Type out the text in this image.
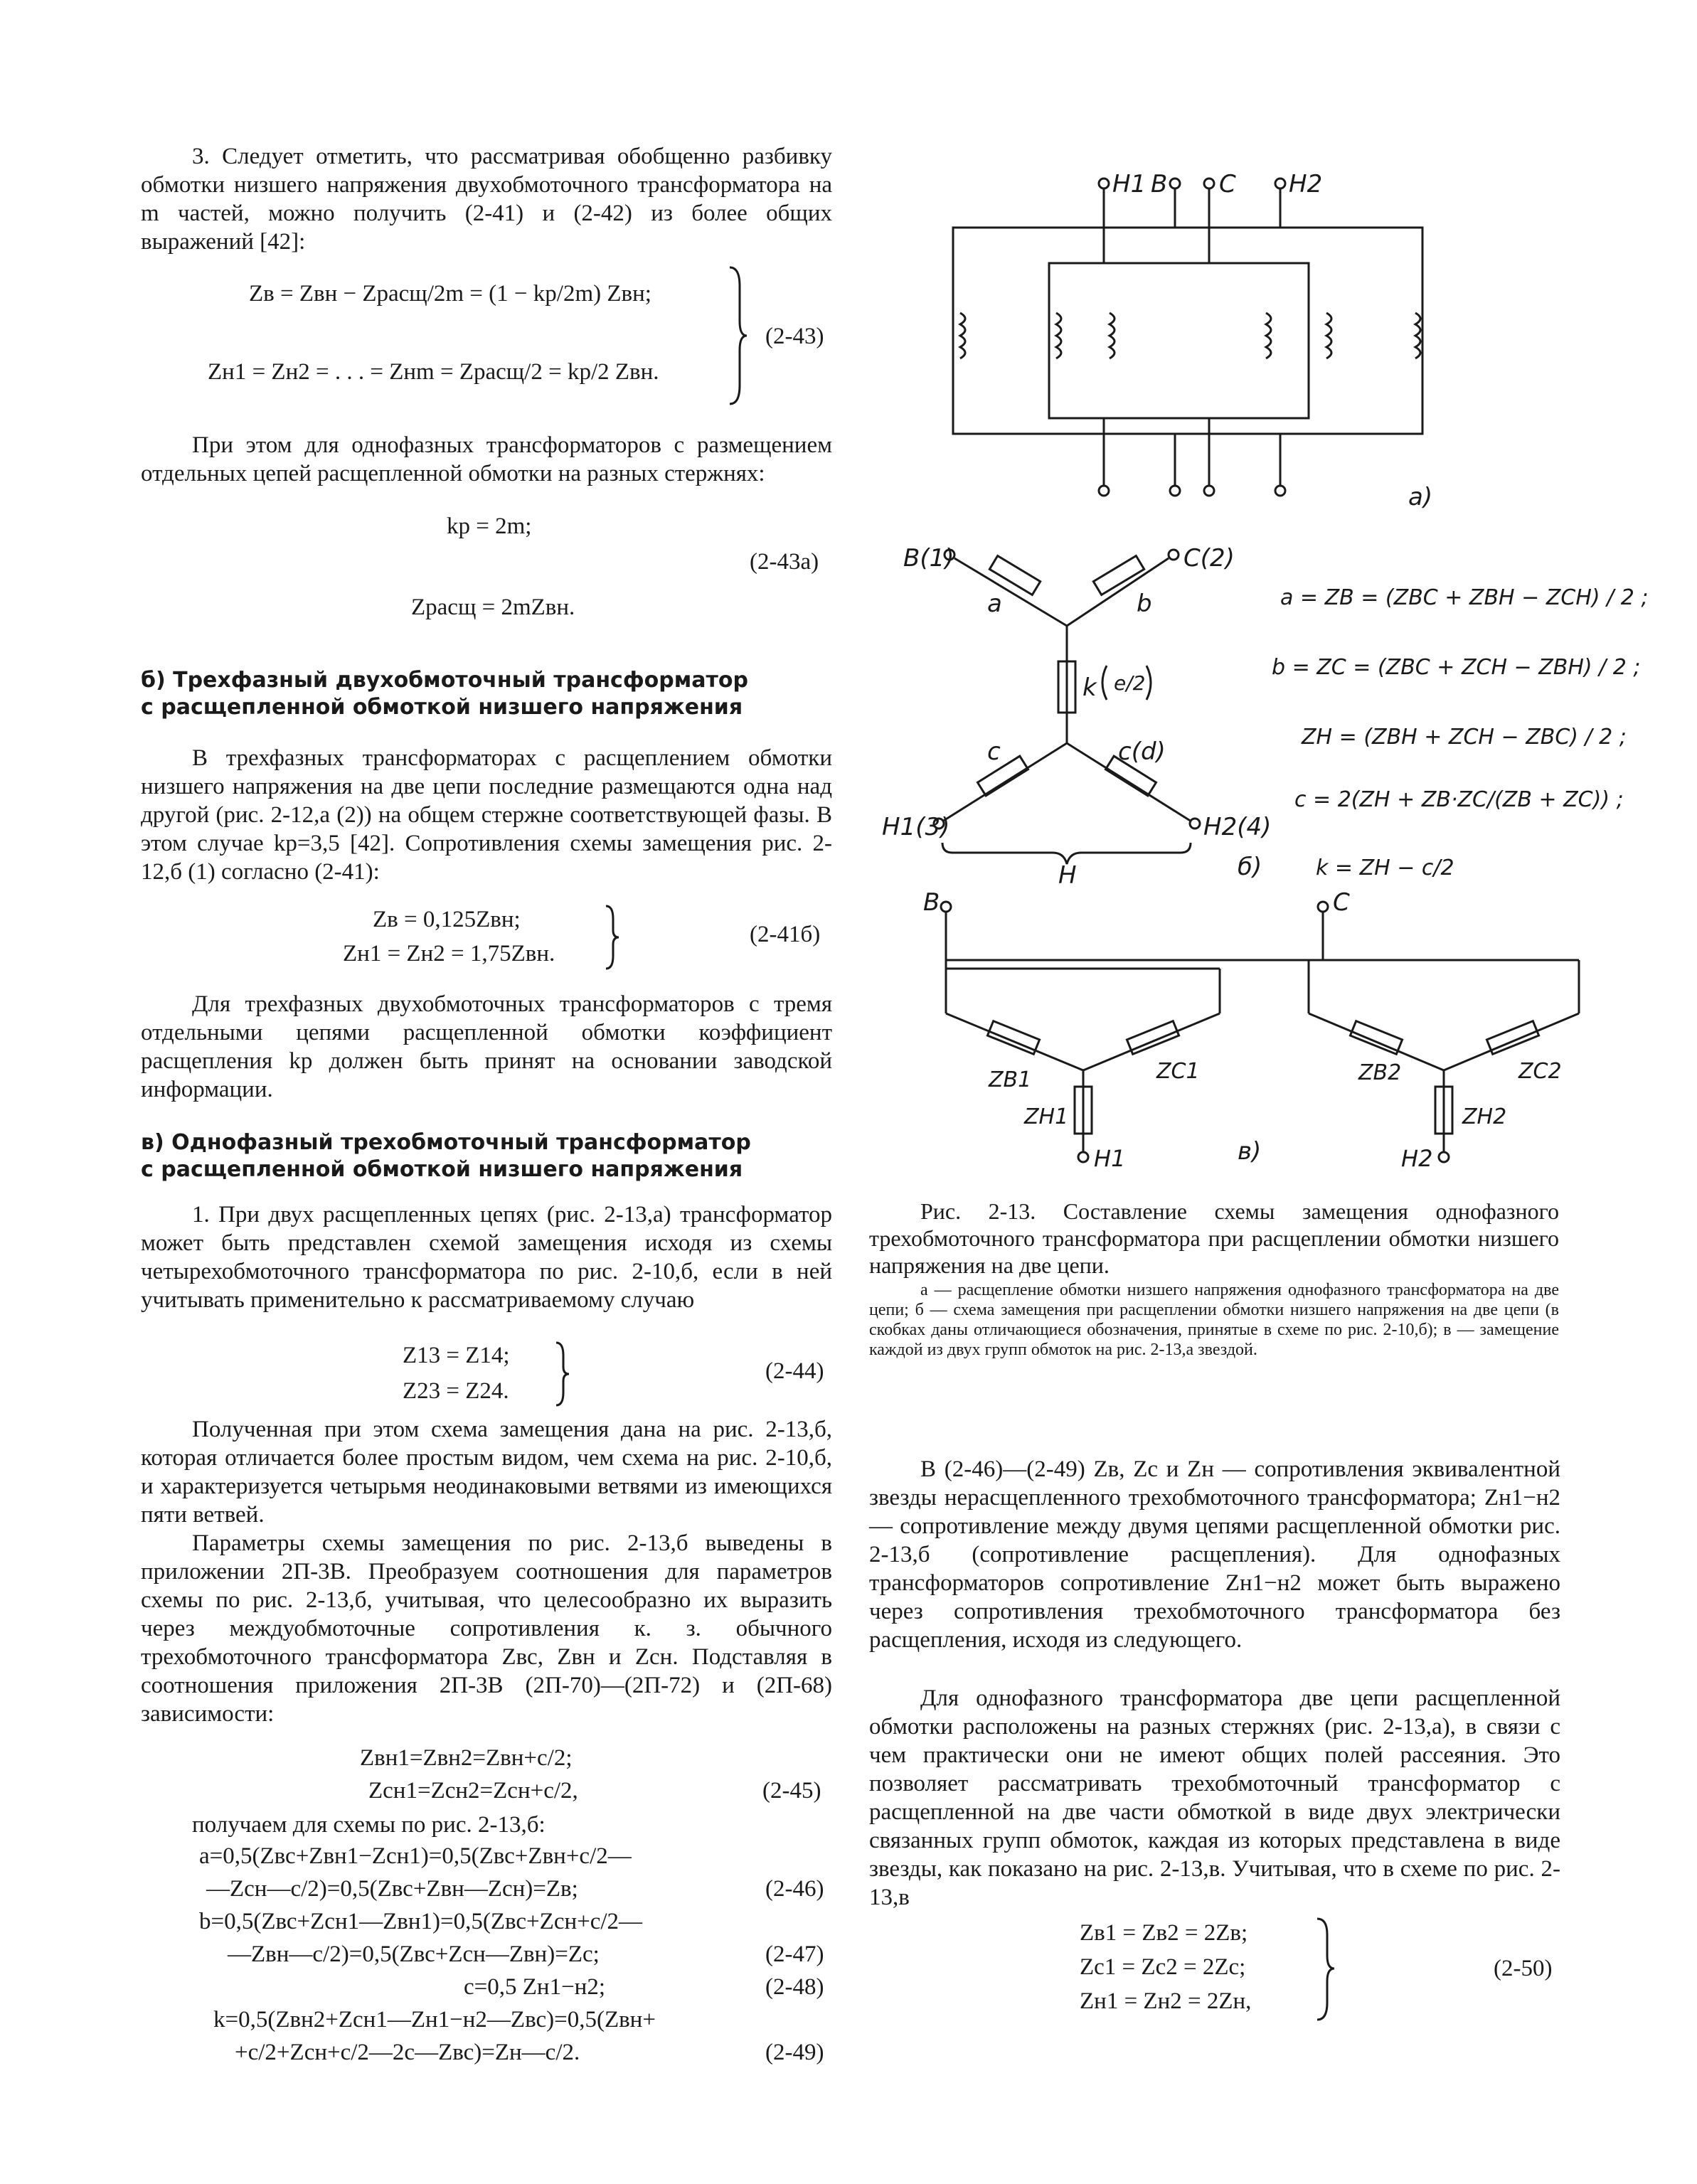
3. Следует отметить, что рассматривая обобщенно разбивку обмотки низшего напряжения двухобмоточного трансформатора на m частей, можно получить (2-41) и (2-42) из более общих выражений [42]:
Zв = Zвн − Zрасщ/2m = (1 − kр/2m) Zвн;
Zн1 = Zн2 = . . . = Zнm = Zрасщ/2 = kр/2 Zвн.
(2-43)
При этом для однофазных трансформаторов с размещением отдельных цепей расщепленной обмотки на разных стержнях:
kр = 2m;
(2-43а)
Zрасщ = 2mZвн.
б) Трехфазный двухобмоточный трансформатор с расщепленной обмоткой низшего напряжения
В трехфазных трансформаторах с расщеплением обмотки низшего напряжения на две цепи последние размещаются одна над другой (рис. 2-12,а (2)) на общем стержне соответствующей фазы. В этом случае kр=3,5 [42]. Сопротивления схемы замещения рис. 2-12,б (1) согласно (2-41):
Zв = 0,125Zвн;
Zн1 = Zн2 = 1,75Zвн.
(2-41б)
Для трехфазных двухобмоточных трансформаторов с тремя отдельными цепями расщепленной обмотки коэффициент расщепления kр должен быть принят на основании заводской информации.
в) Однофазный трехобмоточный трансформатор с расщепленной обмоткой низшего напряжения
1. При двух расщепленных цепях (рис. 2-13,а) трансформатор может быть представлен схемой замещения исходя из схемы четырехобмоточного трансформатора по рис. 2-10,б, если в ней учитывать применительно к рассматриваемому случаю
Z13 = Z14;
Z23 = Z24.
(2-44)
Полученная при этом схема замещения дана на рис. 2-13,б, которая отличается более простым видом, чем схема на рис. 2-10,б, и характеризуется четырьмя неодинаковыми ветвями из имеющихся пяти ветвей.
Параметры схемы замещения по рис. 2-13,б выведены в приложении 2П-3В. Преобразуем соотношения для параметров схемы по рис. 2-13,б, учитывая, что целесообразно их выразить через междуобмоточные сопротивления к. з. обычного трехобмоточного трансформатора Zвс, Zвн и Zсн. Подставляя в соотношения приложения 2П-3В (2П-70)—(2П-72) и (2П-68) зависимости:
Zвн1=Zвн2=Zвн+c/2;
Zсн1=Zсн2=Zсн+c/2,	(2-45)
получаем для схемы по рис. 2-13,б:
a=0,5(Zвс+Zвн1−Zсн1)=0,5(Zвс+Zвн+c/2—
—Zсн—c/2)=0,5(Zвс+Zвн—Zсн)=Zв;	(2-46)
b=0,5(Zвс+Zсн1—Zвн1)=0,5(Zвс+Zсн+c/2—
—Zвн—c/2)=0,5(Zвс+Zсн—Zвн)=Zс;	(2-47)
c=0,5 Zн1−н2;	(2-48)
k=0,5(Zвн2+Zсн1—Zн1−н2—Zвс)=0,5(Zвн+
+c/2+Zсн+c/2—2c—Zвс)=Zн—c/2.	(2-49)
H1 B C H2
а)
B(1)	C(2)
H1(3)	H2(4)
a	b
k e/2
c	c(d)
H	б)
a = ZB = (ZBC + ZBH − ZCH) / 2 ;
b = ZC = (ZBC + ZCH − ZBH) / 2 ;
ZH = (ZBH + ZCH − ZBC) / 2 ;
c = 2(ZH + ZB·ZC/(ZB + ZC)) ;
k = ZH − c/2
B	C
ZB1	ZC1
ZH1
ZB2	ZC2
ZH2
H1	H2
в)
Рис. 2-13. Составление схемы замещения однофазного трехобмоточного трансформатора при расщеплении обмотки низшего напряжения на две цепи.
а — расщепление обмотки низшего напряжения однофазного трансформатора на две цепи; б — схема замещения при расщеплении обмотки низшего напряжения на две цепи (в скобках даны отличающиеся обозначения, принятые в схеме по рис. 2-10,б); в — замещение каждой из двух групп обмоток на рис. 2-13,а звездой.
В (2-46)—(2-49) Zв, Zс и Zн — сопротивления эквивалентной звезды нерасщепленного трехобмоточного трансформатора; Zн1−н2 — сопротивление между двумя цепями расщепленной обмотки рис. 2-13,б (сопротивление расщепления). Для однофазных трансформаторов сопротивление Zн1−н2 может быть выражено через сопротивления трехобмоточного трансформатора без расщепления, исходя из следующего.
Для однофазного трансформатора две цепи расщепленной обмотки расположены на разных стержнях (рис. 2-13,а), в связи с чем практически они не имеют общих полей рассеяния. Это позволяет рассматривать трехобмоточный трансформатор с расщепленной на две части обмоткой в виде двух электрически связанных групп обмоток, каждая из которых представлена в виде звезды, как показано на рис. 2-13,в. Учитывая, что в схеме по рис. 2-13,в
Zв1 = Zв2 = 2Zв;
Zс1 = Zс2 = 2Zс;
Zн1 = Zн2 = 2Zн,
(2-50)
